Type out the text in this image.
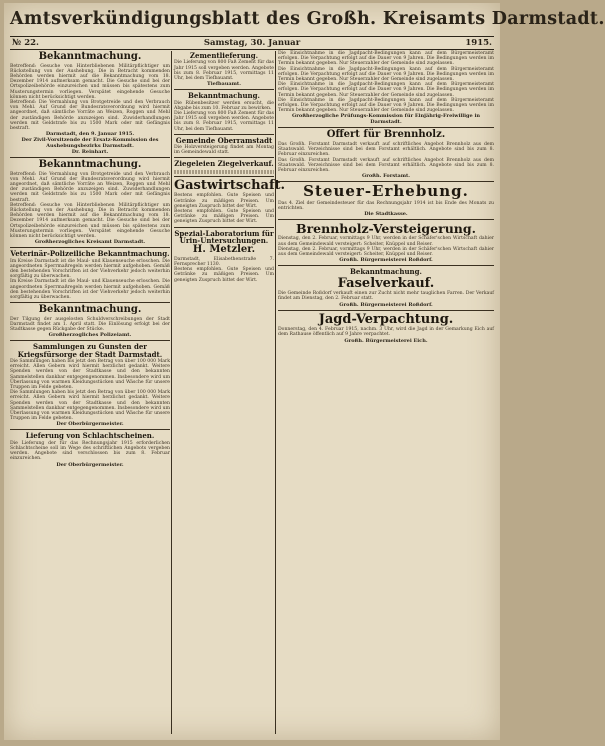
Amtsverkündigungsblatt des Großh. Kreisamts Darmstadt.
№ 22.	Samstag, 30. Januar	1915.
Bekanntmachung.

Betreffend: Gesuche von Hinterbliebenen Militärpflichtiger um Rückstellung von der Aushebung. Die in Betracht kommenden Behörden werden hiermit auf die Bekanntmachung vom 18. Dezember 1914 aufmerksam gemacht. Die Gesuche sind bei der Ortspolizeibehörde einzureichen und müssen bis spätestens zum Musterungstermin vorliegen. Verspätet eingehende Gesuche können nicht berücksichtigt werden.

Betreffend: Die Vermahlung von Brotgetreide und den Verbrauch von Mehl. Auf Grund der Bundesratsverordnung wird hiermit angeordnet, daß sämtliche Vorräte an Weizen, Roggen und Mehl der zuständigen Behörde anzuzeigen sind. Zuwiderhandlungen werden mit Geldstrafe bis zu 1500 Mark oder mit Gefängnis bestraft.

Darmstadt, den 9. Januar 1915.

Der Zivil-Vorsitzende der Ersatz-Kommission des Aushebungsbezirks Darmstadt.

Dr. Reinhart.

Bekanntmachung.

Betreffend: Die Vermahlung von Brotgetreide und den Verbrauch von Mehl. Auf Grund der Bundesratsverordnung wird hiermit angeordnet, daß sämtliche Vorräte an Weizen, Roggen und Mehl der zuständigen Behörde anzuzeigen sind. Zuwiderhandlungen werden mit Geldstrafe bis zu 1500 Mark oder mit Gefängnis bestraft.

Betreffend: Gesuche von Hinterbliebenen Militärpflichtiger um Rückstellung von der Aushebung. Die in Betracht kommenden Behörden werden hiermit auf die Bekanntmachung vom 18. Dezember 1914 aufmerksam gemacht. Die Gesuche sind bei der Ortspolizeibehörde einzureichen und müssen bis spätestens zum Musterungstermin vorliegen. Verspätet eingehende Gesuche können nicht berücksichtigt werden.

Großherzogliches Kreisamt Darmstadt.

Veterinär-Polizeiliche Bekanntmachung.

Im Kreise Darmstadt ist die Maul- und Klauenseuche erloschen. Die angeordneten Sperrmaßregeln werden hiermit aufgehoben. Gemäß den bestehenden Vorschriften ist der Viehverkehr jedoch weiterhin sorgfältig zu überwachen.

Im Kreise Darmstadt ist die Maul- und Klauenseuche erloschen. Die angeordneten Sperrmaßregeln werden hiermit aufgehoben. Gemäß den bestehenden Vorschriften ist der Viehverkehr jedoch weiterhin sorgfältig zu überwachen.

Bekanntmachung.

Der Tilgung der ausgelosten Schuldverschreibungen der Stadt Darmstadt findet am 1. April statt. Die Einlösung erfolgt bei der Stadtkasse gegen Rückgabe der Stücke.

Großherzogliches Polizeiamt.

Sammlungen zu Gunsten der Kriegsfürsorge der Stadt Darmstadt.

Die Sammlungen haben bis jetzt den Betrag von über 100 000 Mark erreicht. Allen Gebern wird hiermit herzlichst gedankt. Weitere Spenden werden von der Stadtkasse und den bekannten Sammelstellen dankbar entgegengenommen. Insbesondere wird um Überlassung von warmen Kleidungsstücken und Wäsche für unsere Truppen im Felde gebeten.

Die Sammlungen haben bis jetzt den Betrag von über 100 000 Mark erreicht. Allen Gebern wird hiermit herzlichst gedankt. Weitere Spenden werden von der Stadtkasse und den bekannten Sammelstellen dankbar entgegengenommen. Insbesondere wird um Überlassung von warmen Kleidungsstücken und Wäsche für unsere Truppen im Felde gebeten.

Der Oberbürgermeister.

Lieferung von Schlachtscheinen.

Die Lieferung der für das Rechnungsjahr 1915 erforderlichen Schlachtscheine soll im Wege des schriftlichen Angebots vergeben werden. Angebote sind verschlossen bis zum 8. Februar einzureichen.

Der Oberbürgermeister.

Zementlieferung.

Die Lieferung von 800 Faß Zement für das Jahr 1915 soll vergeben werden. Angebote bis zum 8. Februar 1915, vormittags 11 Uhr, bei dem Tiefbauamt.

Tiefbauamt.

Bekanntmachung.

Die Rübenbesitzer werden ersucht, die Abgabe bis zum 10. Februar zu bewirken.

Die Lieferung von 800 Faß Zement für das Jahr 1915 soll vergeben werden. Angebote bis zum 8. Februar 1915, vormittags 11 Uhr, bei dem Tiefbauamt.

Gemeinde Oberramstadt

Die Holzversteigerung findet am Montag im Gemeindewald statt.

Ziegeleien Ziegelverkauf.
Gastwirtschaft.

Bestens empfohlen. Gute Speisen und Getränke zu mäßigen Preisen. Um geneigten Zuspruch bittet der Wirt.

Bestens empfohlen. Gute Speisen und Getränke zu mäßigen Preisen. Um geneigten Zuspruch bittet der Wirt.

Spezial-Laboratorium für Urin-Untersuchungen.
H. Metzler.

Darmstadt, Elisabethenstraße 7. Fernsprecher 1130.

Bestens empfohlen. Gute Speisen und Getränke zu mäßigen Preisen. Um geneigten Zuspruch bittet der Wirt.

Die Einsichtnahme in die Jagdpacht-Bedingungen kann auf dem Bürgermeisteramt erfolgen. Die Verpachtung erfolgt auf die Dauer von 9 Jahren. Die Bedingungen werden im Termin bekannt gegeben. Nur Steuerzahler der Gemeinde sind zugelassen.

Die Einsichtnahme in die Jagdpacht-Bedingungen kann auf dem Bürgermeisteramt erfolgen. Die Verpachtung erfolgt auf die Dauer von 9 Jahren. Die Bedingungen werden im Termin bekannt gegeben. Nur Steuerzahler der Gemeinde sind zugelassen.

Die Einsichtnahme in die Jagdpacht-Bedingungen kann auf dem Bürgermeisteramt erfolgen. Die Verpachtung erfolgt auf die Dauer von 9 Jahren. Die Bedingungen werden im Termin bekannt gegeben. Nur Steuerzahler der Gemeinde sind zugelassen.

Die Einsichtnahme in die Jagdpacht-Bedingungen kann auf dem Bürgermeisteramt erfolgen. Die Verpachtung erfolgt auf die Dauer von 9 Jahren. Die Bedingungen werden im Termin bekannt gegeben. Nur Steuerzahler der Gemeinde sind zugelassen.

Großherzogliche Prüfungs-Kommission für Einjährig-Freiwillige in Darmstadt.

Offert für Brennholz.

Das Großh. Forstamt Darmstadt verkauft auf schriftliches Angebot Brennholz aus dem Staatswald. Verzeichnisse sind bei dem Forstamt erhältlich. Angebote sind bis zum 8. Februar einzureichen.

Das Großh. Forstamt Darmstadt verkauft auf schriftliches Angebot Brennholz aus dem Staatswald. Verzeichnisse sind bei dem Forstamt erhältlich. Angebote sind bis zum 8. Februar einzureichen.

Großh. Forstamt.

Steuer-Erhebung.

Das 4. Ziel der Gemeindesteuer für das Rechnungsjahr 1914 ist bis Ende des Monats zu entrichten.

Die Stadtkasse.

Brennholz-Versteigerung.

Dienstag, den 2. Februar, vormittags 9 Uhr, werden in der Schäfer'schen Wirtschaft dahier aus dem Gemeindewald versteigert: Scheiter, Knüppel und Reiser.

Dienstag, den 2. Februar, vormittags 9 Uhr, werden in der Schäfer'schen Wirtschaft dahier aus dem Gemeindewald versteigert: Scheiter, Knüppel und Reiser.

Großh. Bürgermeisterei Roßdorf.

Bekanntmachung.
Faselverkauf.

Die Gemeinde Roßdorf verkauft einen zur Zucht nicht mehr tauglichen Farren. Der Verkauf findet am Dienstag, den 2. Februar statt.

Großh. Bürgermeisterei Roßdorf.

Jagd-Verpachtung.

Donnerstag, den 4. Februar 1915, nachm. 3 Uhr, wird die Jagd in der Gemarkung Eich auf dem Rathause öffentlich auf 9 Jahre verpachtet.

Großh. Bürgermeisterei Eich.
